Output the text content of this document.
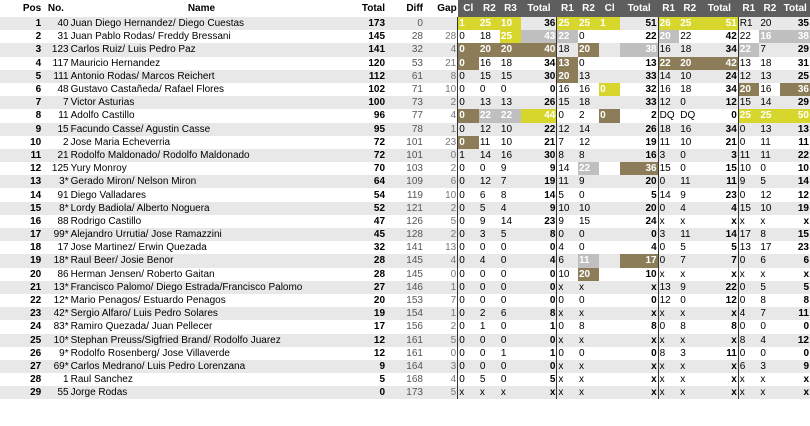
Pos	No.	Name	Total	Diff	Gap	Cl	R2	R3	Total	R1	R2	Cl	Total	R1	R2	Total	R1	R2	Total
1	40	Juan Diego Hernandez/ Diego Cuestas	173	0		1	25	10	36	25	25	1	51	26	25	51	R1	20	35
2	31	Juan Pablo Rodas/ Freddy Bressani	145	28	28	0	18	25	43	22	0		22	20	22	42	22	16	38
3	123	Carlos Ruiz/ Luis Pedro Paz	141	32	4	0	20	20	40	18	20		38	16	18	34	22	7	29
4	117	Mauricio Hernandez	120	53	21	0	16	18	34	13	0		13	22	20	42	13	18	31
5	111	Antonio Rodas/ Marcos Reichert	112	61	8	0	15	15	30	20	13		33	14	10	24	12	13	25
6	48	Gustavo Castañeda/ Rafael Flores	102	71	10	0	0	0	0	16	16	0	32	16	18	34	20	16	36
7	7	Victor Asturias	100	73	2	0	13	13	26	15	18		33	12	0	12	15	14	29
8	11	Adolfo Castillo	96	77	4	0	22	22	44	0	2	0	2	DQ	DQ	0	25	25	50
9	15	Facundo Casse/ Agustin Casse	95	78	1	0	12	10	22	12	14		26	18	16	34	0	13	13
10	2	Jose Maria Echeverria	72	101	23	0	11	10	21	7	12		19	11	10	21	0	11	11
11	21	Rodolfo Maldonado/ Rodolfo Maldonado	72	101	0	1	14	16	30	8	8		16	3	0	3	11	11	22
12	125	Yury Monroy	70	103	2	0	0	9	9	14	22		36	15	0	15	10	0	10
13	3*	Gerado Miron/ Nelson Miron	64	109	6	0	12	7	19	11	9		20	0	11	11	9	5	14
14	91	Diego Valladares	54	119	10	0	6	8	14	5	0		5	14	9	23	0	12	12
15	8*	Lordy Badiola/ Alberto Noguera	52	121	2	0	5	4	9	10	10		20	0	4	4	15	10	19
16	88	Rodrigo Castillo	47	126	5	0	9	14	23	9	15		24	x	x	x	x	x	x
17	99*	Alejandro Urrutia/ Jose Ramazzini	45	128	2	0	3	5	8	0	0		0	3	11	14	17	8	15
18	17	Jose Martinez/ Erwin Quezada	32	141	13	0	0	0	0	4	0		4	0	5	5	13	17	23
19	18*	Raul Beer/ Josie Benor	28	145	4	0	4	0	4	6	11		17	0	7	7	0	6	6
20	86	Herman Jensen/ Roberto Gaitan	28	145	0	0	0	0	0	10	20		10	x	x	x	x	x	x
21	13*	Francisco Palomo/ Diego Estrada/Francisco Palomo	27	146	1	0	0	0	0	x	x		x	13	9	22	0	5	5
22	12*	Mario Penagos/ Estuardo Penagos	20	153	7	0	0	0	0	0	0		0	12	0	12	0	8	8
23	42*	Sergio Alfaro/ Luis Pedro Solares	19	154	1	0	2	6	8	x	x		x	x	x	x	4	7	11
24	83*	Ramiro Quezada/ Juan Pellecer	17	156	2	0	1	0	1	0	8		8	0	8	8	0	0	0
25	10*	Stephan Preuss/Sigfried Brand/ Rodolfo Juarez	12	161	5	0	0	0	0	x	x		x	x	x	x	8	4	12
26	9*	Rodolfo Rosenberg/ Jose Villaverde	12	161	0	0	0	1	1	0	0		0	8	3	11	0	0	0
27	69*	Carlos Medrano/ Luis Pedro Lorenzana	9	164	3	0	0	0	0	x	x		x	x	x	x	6	3	9
28	1	Raul Sanchez	5	168	4	0	5	0	5	x	x		x	x	x	x	x	x	x
29	55	Jorge Rodas	0	173	5	x	x	x	x	x	x		x	x	x	x	x	x	x
